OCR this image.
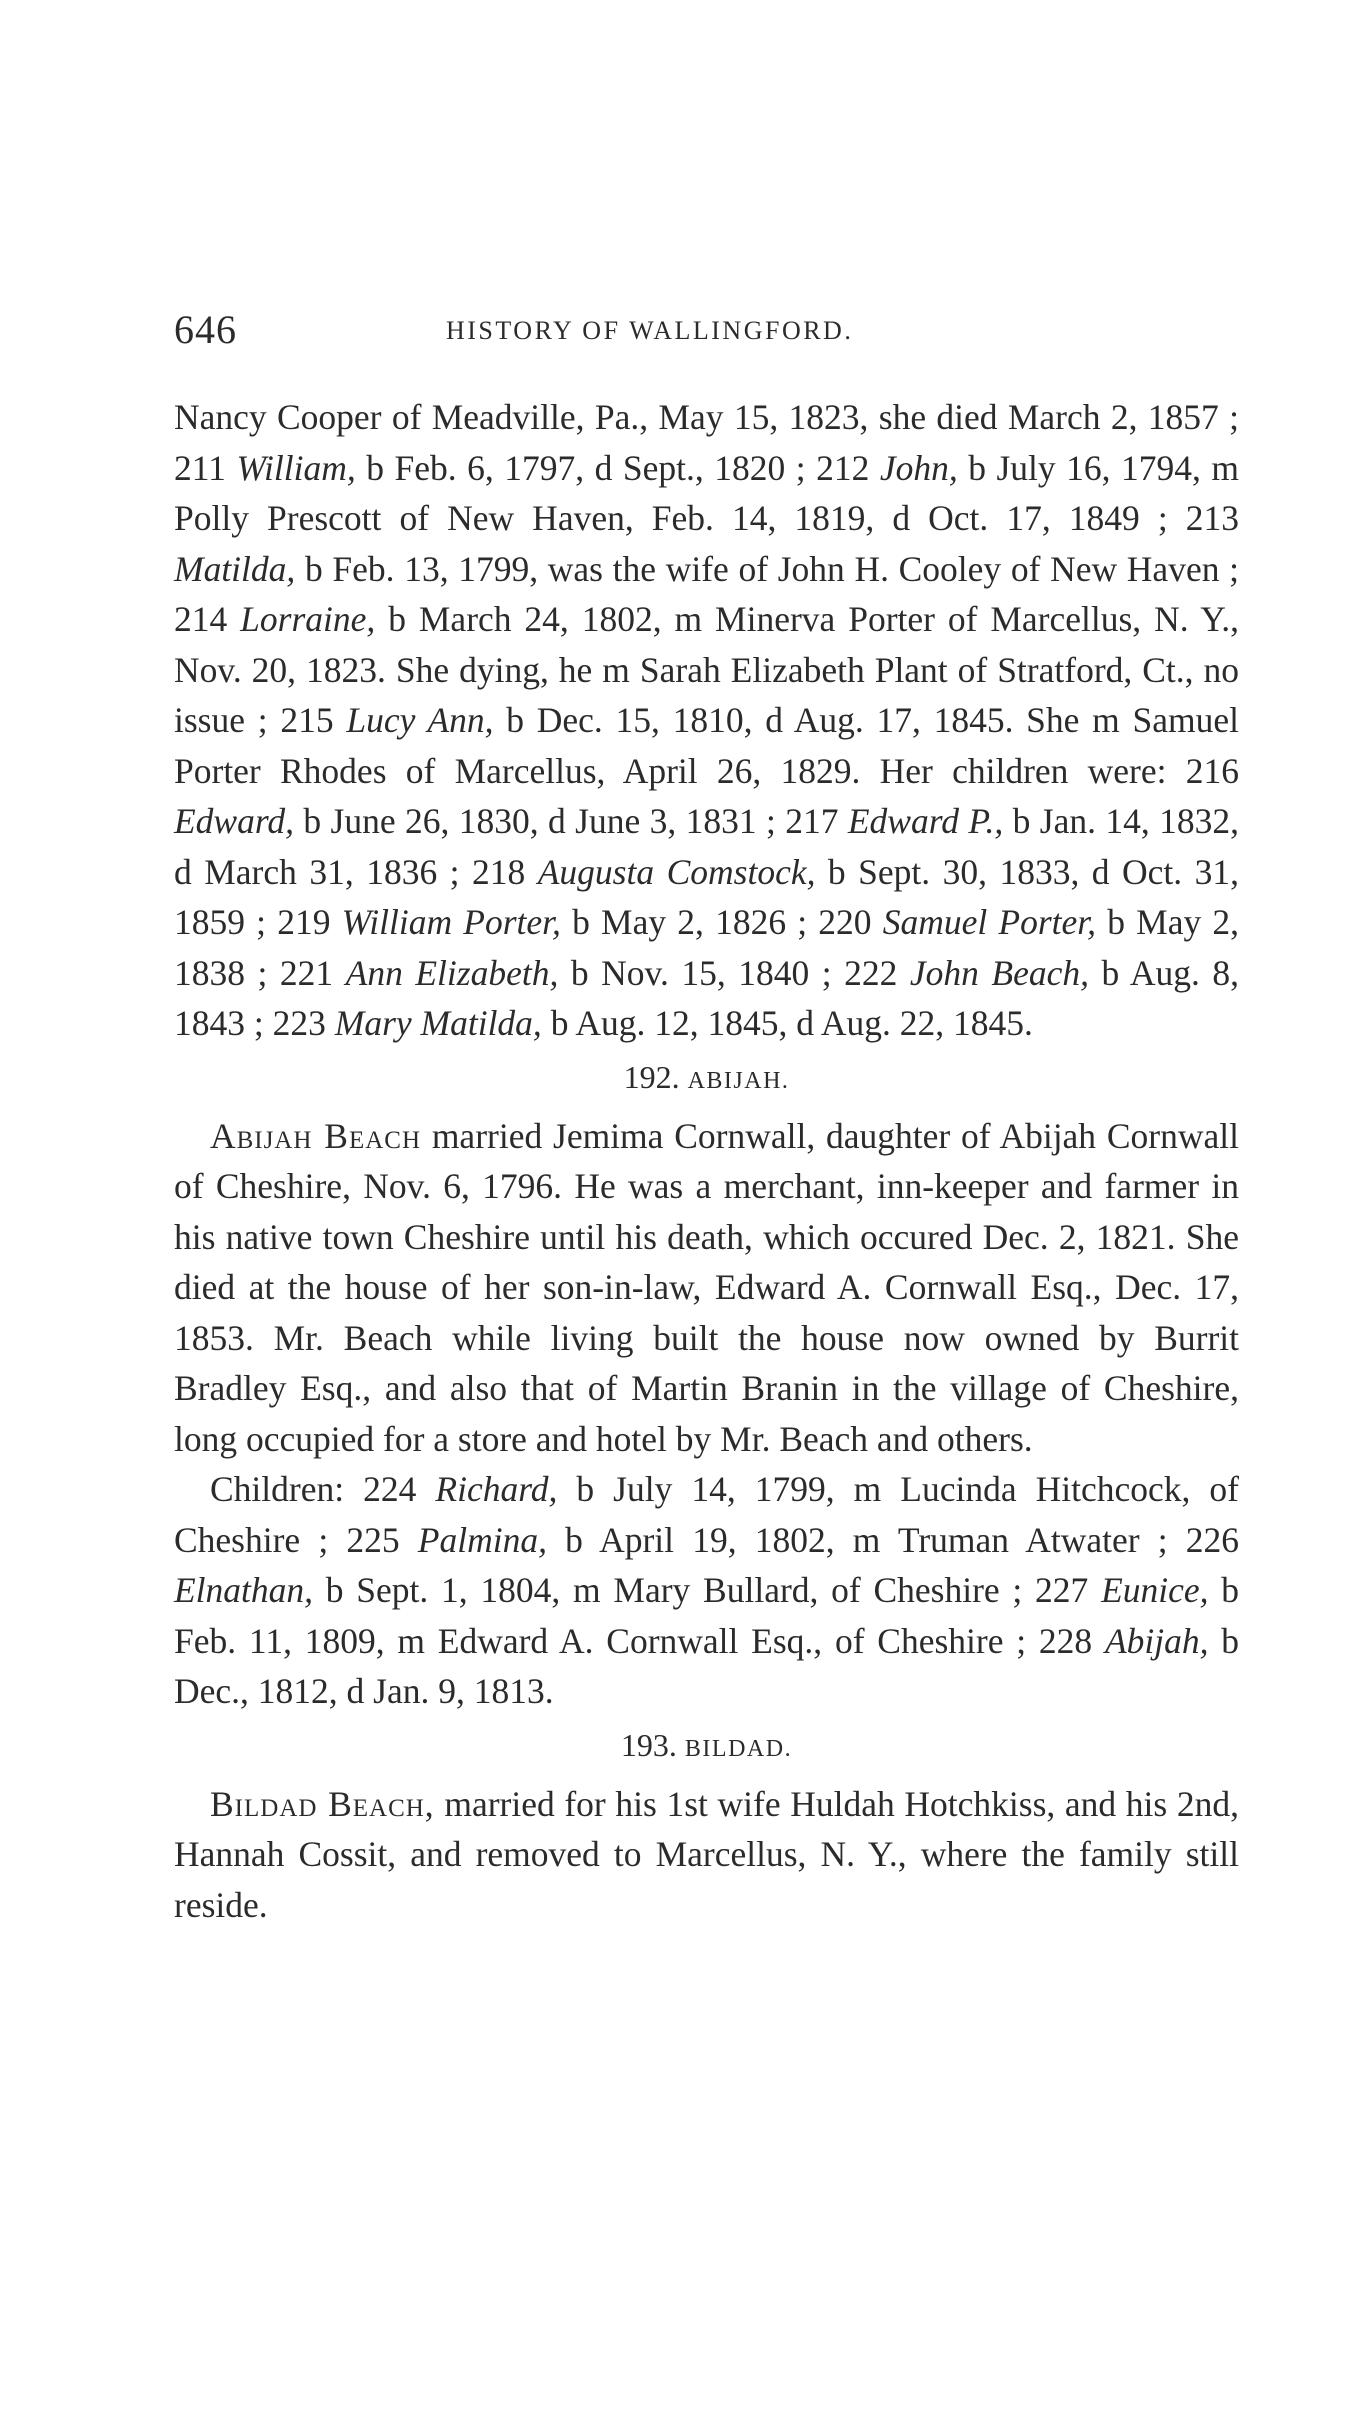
646	HISTORY OF WALLINGFORD.

Nancy Cooper of Meadville, Pa., May 15, 1823, she died March 2, 1857 ; 211 William, b Feb. 6, 1797, d Sept., 1820 ; 212 John, b July 16, 1794, m Polly Prescott of New Haven, Feb. 14, 1819, d Oct. 17, 1849 ; 213 Matilda, b Feb. 13, 1799, was the wife of John H. Cooley of New Haven ; 214 Lorraine, b March 24, 1802, m Minerva Porter of Marcellus, N. Y., Nov. 20, 1823. She dying, he m Sarah Elizabeth Plant of Stratford, Ct., no issue ; 215 Lucy Ann, b Dec. 15, 1810, d Aug. 17, 1845. She m Samuel Porter Rhodes of Marcellus, April 26, 1829. Her children were: 216 Edward, b June 26, 1830, d June 3, 1831 ; 217 Edward P., b Jan. 14, 1832, d March 31, 1836 ; 218 Augusta Comstock, b Sept. 30, 1833, d Oct. 31, 1859 ; 219 William Porter, b May 2, 1826 ; 220 Samuel Porter, b May 2, 1838 ; 221 Ann Elizabeth, b Nov. 15, 1840 ; 222 John Beach, b Aug. 8, 1843 ; 223 Mary Matilda, b Aug. 12, 1845, d Aug. 22, 1845.

192. ABIJAH.

Abijah Beach married Jemima Cornwall, daughter of Abijah Cornwall of Cheshire, Nov. 6, 1796. He was a merchant, inn-keeper and farmer in his native town Cheshire until his death, which occured Dec. 2, 1821. She died at the house of her son-in-law, Edward A. Cornwall Esq., Dec. 17, 1853. Mr. Beach while living built the house now owned by Burrit Bradley Esq., and also that of Martin Branin in the village of Cheshire, long occupied for a store and hotel by Mr. Beach and others.

Children: 224 Richard, b July 14, 1799, m Lucinda Hitchcock, of Cheshire ; 225 Palmina, b April 19, 1802, m Truman Atwater ; 226 Elnathan, b Sept. 1, 1804, m Mary Bullard, of Cheshire ; 227 Eunice, b Feb. 11, 1809, m Edward A. Cornwall Esq., of Cheshire ; 228 Abijah, b Dec., 1812, d Jan. 9, 1813.

193. BILDAD.

Bildad Beach, married for his 1st wife Huldah Hotchkiss, and his 2nd, Hannah Cossit, and removed to Marcellus, N. Y., where the family still reside.
